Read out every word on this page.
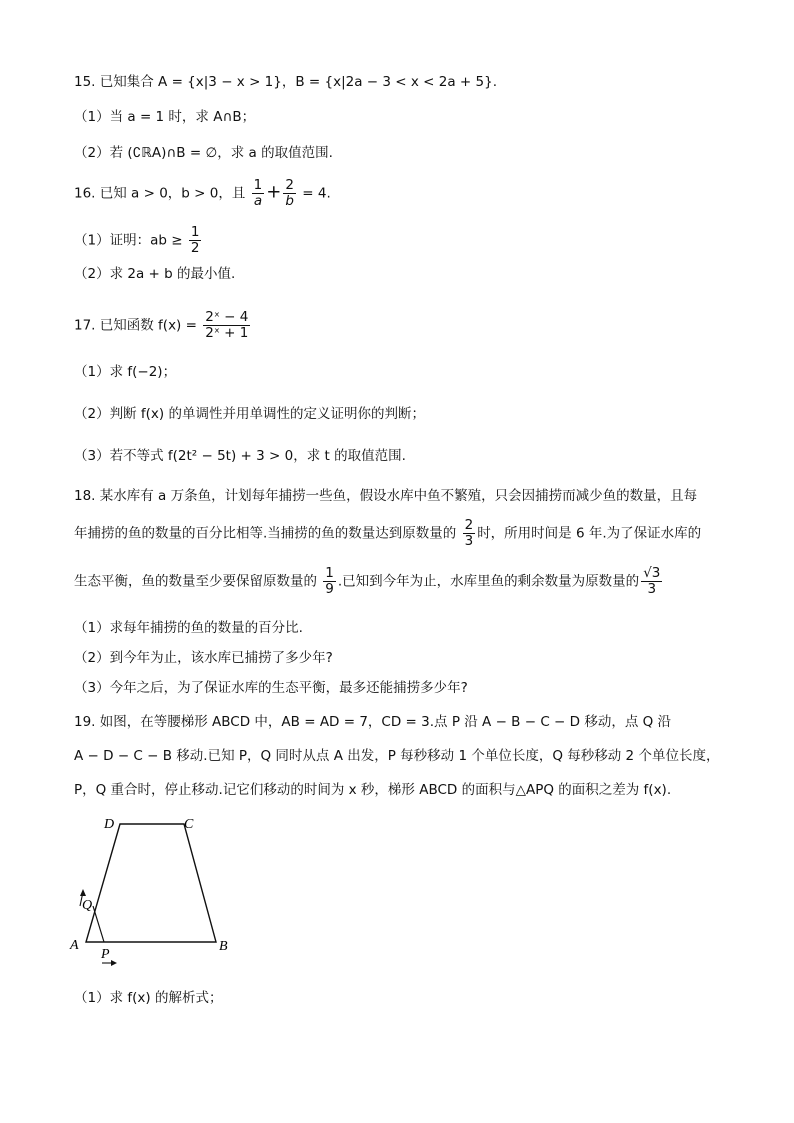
15. 已知集合 A = {x|3 − x > 1}，B = {x|2a − 3 < x < 2a + 5}.
（1）当 a = 1 时，求 A∩B；
（2）若 (∁ℝA)∩B = ∅，求 a 的取值范围.
16. 已知 a > 0，b > 0，且 $\frac{1}{a} + \frac{2}{b} = 4$.
（1）证明：ab ≥ $\frac{1}{2}$
（2）求 2a + b 的最小值.
17. 已知函数 $f(x) = \frac{\text{2ˣ − 4}}{\text{2ˣ + 1}}$
（1）求 f(−2)；
（2）判断 f(x) 的单调性并用单调性的定义证明你的判断；
（3）若不等式 f(2t² − 5t) + 3 > 0，求 t 的取值范围.
18. 某水库有 a 万条鱼，计划每年捕捞一些鱼，假设水库中鱼不繁殖，只会因捕捞而减少鱼的数量，且每
年捕捞的鱼的数量的百分比相等.当捕捞的鱼的数量达到原数量的 $\frac{2}{3}$ 时，所用时间是 6 年.为了保证水库的
生态平衡，鱼的数量至少要保留原数量的 $\frac{1}{9}$ .已知到今年为止，水库里鱼的剩余数量为原数量的 $\frac{√3}{3}$
（1）求每年捕捞的鱼的数量的百分比.
（2）到今年为止，该水库已捕捞了多少年?
（3）今年之后，为了保证水库的生态平衡，最多还能捕捞多少年?
19. 如图，在等腰梯形 ABCD 中，AB = AD = 7，CD = 3.点 P 沿 A − B − C − D 移动，点 Q 沿
A − D − C − B 移动.已知 P，Q 同时从点 A 出发，P 每秒移动 1 个单位长度，Q 每秒移动 2 个单位长度，
P，Q 重合时，停止移动.记它们移动的时间为 x 秒，梯形 ABCD 的面积与△APQ 的面积之差为 f(x).
D	C
A	B
Q
P
（1）求 f(x) 的解析式；
